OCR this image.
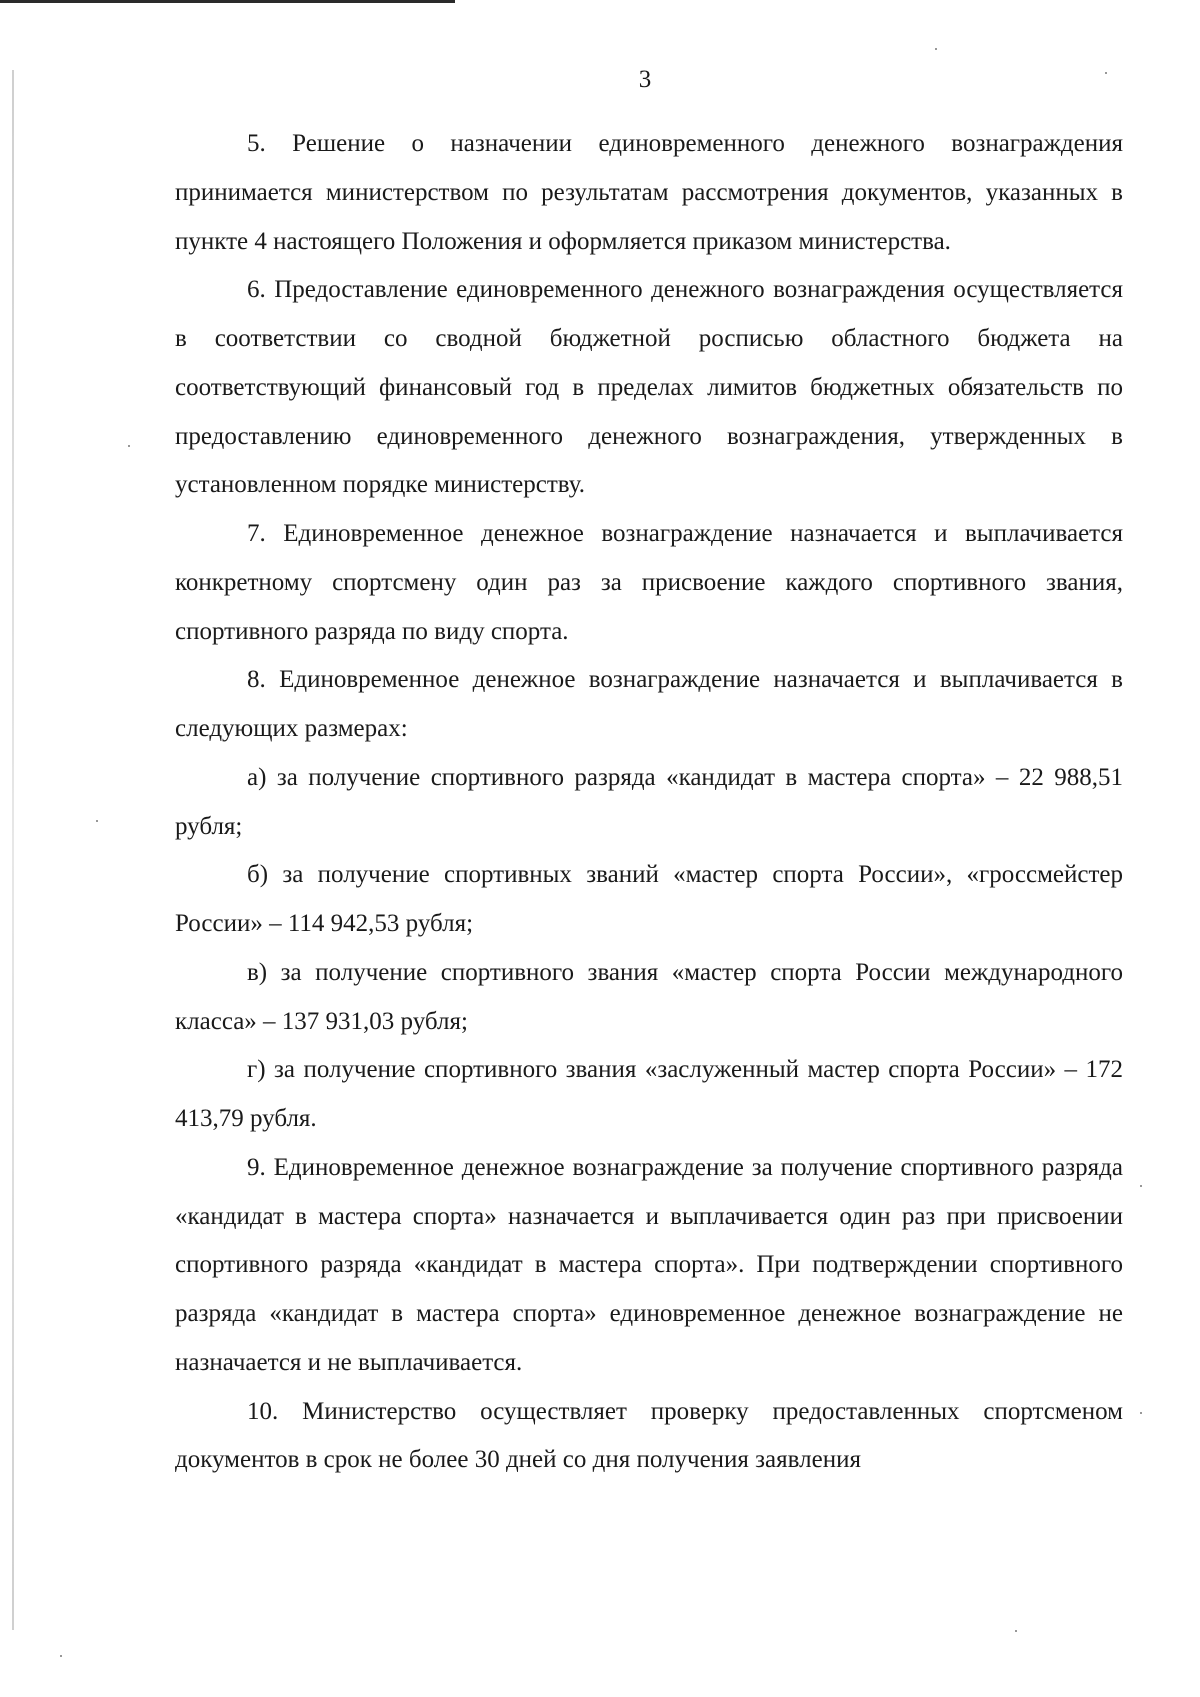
3

5. Решение о назначении единовременного денежного вознаграждения принимается министерством по результатам рассмотрения документов, указанных в пункте 4 настоящего Положения и оформляется приказом министерства.

6. Предоставление единовременного денежного вознаграждения осуществляется в соответствии со сводной бюджетной росписью областного бюджета на соответствующий финансовый год в пределах лимитов бюджетных обязательств по предоставлению единовременного денежного вознаграждения, утвержденных в установленном порядке министерству.

7. Единовременное денежное вознаграждение назначается и выплачивается конкретному спортсмену один раз за присвоение каждого спортивного звания, спортивного разряда по виду спорта.

8. Единовременное денежное вознаграждение назначается и выплачивается в следующих размерах:

а) за получение спортивного разряда «кандидат в мастера спорта» – 22 988,51 рубля;

б) за получение спортивных званий «мастер спорта России», «гроссмейстер России» – 114 942,53 рубля;

в) за получение спортивного звания «мастер спорта России международного класса» – 137 931,03 рубля;

г) за получение спортивного звания «заслуженный мастер спорта России» – 172 413,79 рубля.

9. Единовременное денежное вознаграждение за получение спортивного разряда «кандидат в мастера спорта» назначается и выплачивается один раз при присвоении спортивного разряда «кандидат в мастера спорта». При подтверждении спортивного разряда «кандидат в мастера спорта» единовременное денежное вознаграждение не назначается и не выплачивается.

10. Министерство осуществляет проверку предоставленных спортсменом документов в срок не более 30 дней со дня получения заявления
